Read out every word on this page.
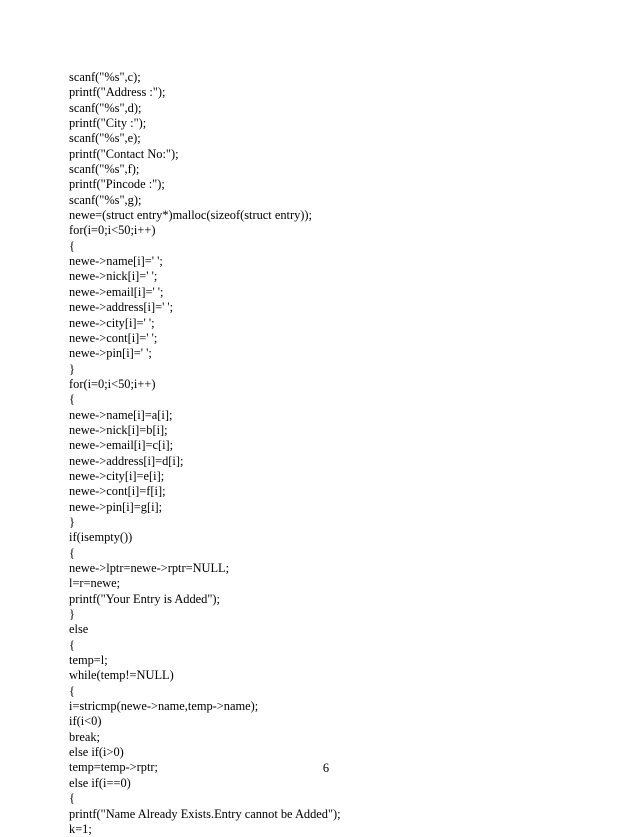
scanf("%s",c);
printf("Address :");
scanf("%s",d);
printf("City :");
scanf("%s",e);
printf("Contact No:");
scanf("%s",f);
printf("Pincode :");
scanf("%s",g);
newe=(struct entry*)malloc(sizeof(struct entry));
for(i=0;i<50;i++)
{
newe->name[i]=' ';
newe->nick[i]=' ';
newe->email[i]=' ';
newe->address[i]=' ';
newe->city[i]=' ';
newe->cont[i]=' ';
newe->pin[i]=' ';
}
for(i=0;i<50;i++)
{
newe->name[i]=a[i];
newe->nick[i]=b[i];
newe->email[i]=c[i];
newe->address[i]=d[i];
newe->city[i]=e[i];
newe->cont[i]=f[i];
newe->pin[i]=g[i];
}
if(isempty())
{
newe->lptr=newe->rptr=NULL;
l=r=newe;
printf("Your Entry is Added");
}
else
{
temp=l;
while(temp!=NULL)
{
i=stricmp(newe->name,temp->name);
if(i<0)
break;
else if(i>0)
temp=temp->rptr;
else if(i==0)
{
printf("Name Already Exists.Entry cannot be Added");
k=1;
6
